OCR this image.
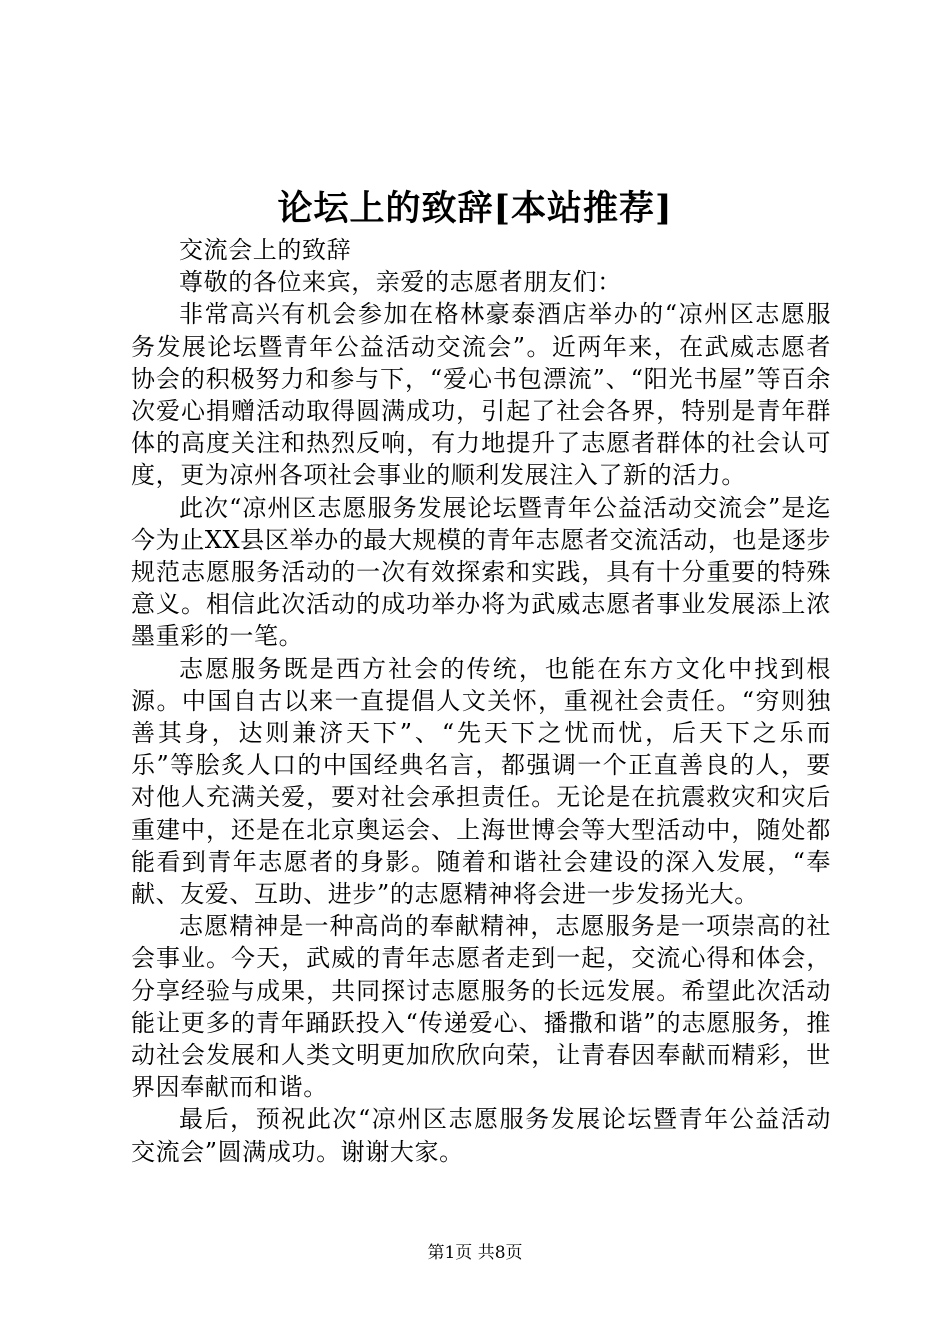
论坛上的致辞[本站推荐]

交流会上的致辞

尊敬的各位来宾，亲爱的志愿者朋友们：

非常高兴有机会参加在格林豪泰酒店举办的“凉州区志愿服务发展论坛暨青年公益活动交流会”。近两年来，在武威志愿者协会的积极努力和参与下，“爱心书包漂流”、“阳光书屋”等百余次爱心捐赠活动取得圆满成功，引起了社会各界，特别是青年群体的高度关注和热烈反响，有力地提升了志愿者群体的社会认可度，更为凉州各项社会事业的顺利发展注入了新的活力。

此次“凉州区志愿服务发展论坛暨青年公益活动交流会”是迄今为止XX县区举办的最大规模的青年志愿者交流活动，也是逐步规范志愿服务活动的一次有效探索和实践，具有十分重要的特殊意义。相信此次活动的成功举办将为武威志愿者事业发展添上浓墨重彩的一笔。

志愿服务既是西方社会的传统，也能在东方文化中找到根源。中国自古以来一直提倡人文关怀，重视社会责任。“穷则独善其身，达则兼济天下”、“先天下之忧而忧，后天下之乐而乐”等脍炙人口的中国经典名言，都强调一个正直善良的人，要对他人充满关爱，要对社会承担责任。无论是在抗震救灾和灾后重建中，还是在北京奥运会、上海世博会等大型活动中，随处都能看到青年志愿者的身影。随着和谐社会建设的深入发展，“奉献、友爱、互助、进步”的志愿精神将会进一步发扬光大。

志愿精神是一种高尚的奉献精神，志愿服务是一项崇高的社会事业。今天，武威的青年志愿者走到一起，交流心得和体会，分享经验与成果，共同探讨志愿服务的长远发展。希望此次活动能让更多的青年踊跃投入“传递爱心、播撒和谐”的志愿服务，推动社会发展和人类文明更加欣欣向荣，让青春因奉献而精彩，世界因奉献而和谐。

最后，预祝此次“凉州区志愿服务发展论坛暨青年公益活动交流会”圆满成功。谢谢大家。

第1页 共8页
